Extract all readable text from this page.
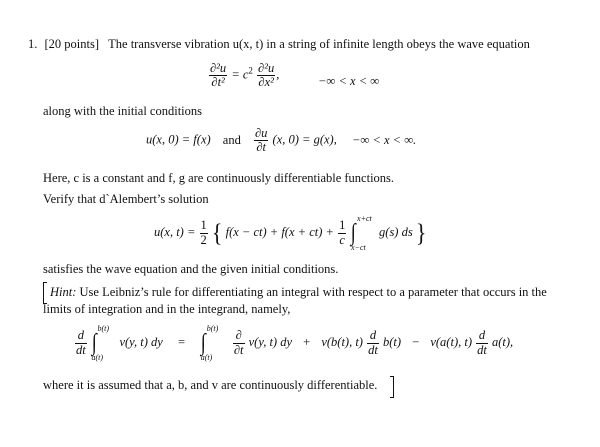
1. [20 points] The transverse vibration u(x, t) in a string of infinite length obeys the wave equation
$\frac{\text{∂²u}}{\text{∂t²}} = c^2 \frac{\text{∂²u}}{\text{∂x²}}$ ,	−∞ < x < ∞
along with the initial conditions
u(x, 0) = f(x) and $\frac{\partial u}{\partial t} (x$, 0) = g(x), −∞ < x < ∞.
Here, c is a constant and f, g are continuously differentiable functions.
Verify that d`Alembert’s solution
u(x, $t) = \frac{1}{2}$ { $f(x - ct) + f(x + ct) + \frac{1}{c}$ ∫
x+ct
x−ct
g(s) ds }
satisfies the wave equation and the given initial conditions.
Hint: Use Leibniz’s rule for differentiating an integral with respect to a parameter that occurs in the
limits of integration and in the integrand, namely,
$\frac{d}{dt}$ ∫
b(t)
a(t)
v(y, t) dy = ∫
b(t)
a(t)

$\frac{\partial}{\partial t} v(y$, t) dy + v(b(t), $t) \frac{d}{dt} b(t) - v(a(t)$, $t) \frac{d}{dt} a(t)$,
where it is assumed that a, b, and v are continuously differentiable.
